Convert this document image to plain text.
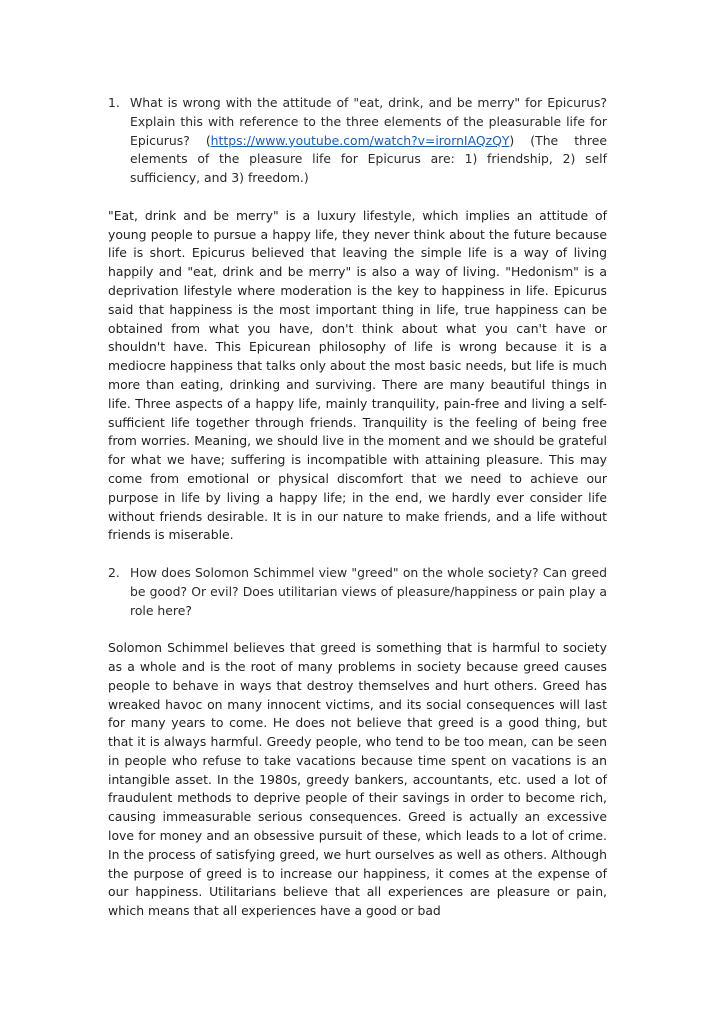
1. What is wrong with the attitude of "eat, drink, and be merry" for Epicurus? Explain this with reference to the three elements of the pleasurable life for Epicurus? (https://www.youtube.com/watch?v=irornIAQzQY) (The three elements of the pleasure life for Epicurus are: 1) friendship, 2) self sufficiency, and 3) freedom.)

"Eat, drink and be merry" is a luxury lifestyle, which implies an attitude of young people to pursue a happy life, they never think about the future because life is short. Epicurus believed that leaving the simple life is a way of living happily and "eat, drink and be merry" is also a way of living. "Hedonism" is a deprivation lifestyle where moderation is the key to happiness in life. Epicurus said that happiness is the most important thing in life, true happiness can be obtained from what you have, don't think about what you can't have or shouldn't have. This Epicurean philosophy of life is wrong because it is a mediocre happiness that talks only about the most basic needs, but life is much more than eating, drinking and surviving. There are many beautiful things in life. Three aspects of a happy life, mainly tranquility, pain-free and living a self-sufficient life together through friends. Tranquility is the feeling of being free from worries. Meaning, we should live in the moment and we should be grateful for what we have; suffering is incompatible with attaining pleasure. This may come from emotional or physical discomfort that we need to achieve our purpose in life by living a happy life; in the end, we hardly ever consider life without friends desirable. It is in our nature to make friends, and a life without friends is miserable.

2. How does Solomon Schimmel view "greed" on the whole society? Can greed be good? Or evil? Does utilitarian views of pleasure/happiness or pain play a role here?

Solomon Schimmel believes that greed is something that is harmful to society as a whole and is the root of many problems in society because greed causes people to behave in ways that destroy themselves and hurt others. Greed has wreaked havoc on many innocent victims, and its social consequences will last for many years to come. He does not believe that greed is a good thing, but that it is always harmful. Greedy people, who tend to be too mean, can be seen in people who refuse to take vacations because time spent on vacations is an intangible asset. In the 1980s, greedy bankers, accountants, etc. used a lot of fraudulent methods to deprive people of their savings in order to become rich, causing immeasurable serious consequences. Greed is actually an excessive love for money and an obsessive pursuit of these, which leads to a lot of crime. In the process of satisfying greed, we hurt ourselves as well as others. Although the purpose of greed is to increase our happiness, it comes at the expense of our happiness. Utilitarians believe that all experiences are pleasure or pain, which means that all experiences have a good or bad
